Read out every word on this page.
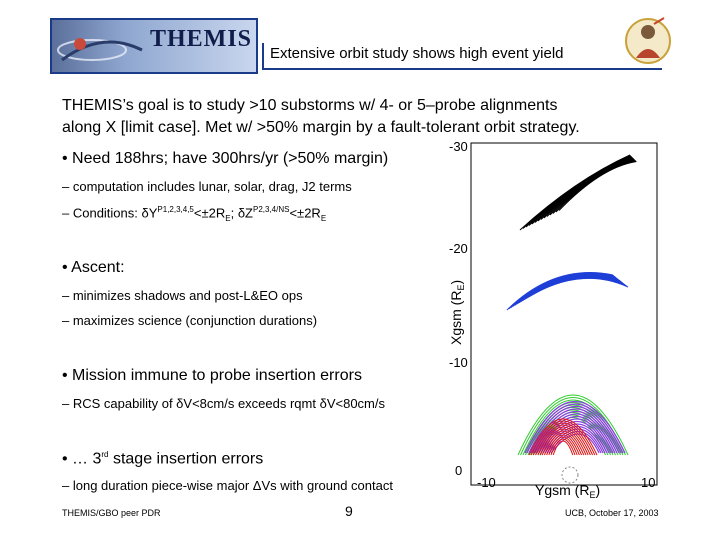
THEMIS
Extensive orbit study shows high event yield
THEMIS’s goal is to study >10 substorms w/ 4- or 5–probe alignments
along X [limit case]. Met w/ >50% margin by a fault-tolerant orbit strategy.
• Need 188hrs; have 300hrs/yr (>50% margin)
– computation includes lunar, solar, drag, J2 terms
– Conditions: $\delta Y^{P1,2,3,4,5}<\pm 2R_E$; $\delta Z^{P2,3,4/NS}<\pm 2R_E$
• Ascent:
– minimizes shadows and post-L&EO ops
– maximizes science (conjunction durations)
• Mission immune to probe insertion errors
– RCS capability of δV<8cm/s exceeds rqmt δV<80cm/s
• … 3rd stage insertion errors
– long duration piece-wise major ΔVs with ground contact
-30
-20
-10
0
-10	10
Xgsm $(R_E)$
Ygsm $(R_E)$
THEMIS/GBO peer PDR	9	UCB, October 17, 2003
